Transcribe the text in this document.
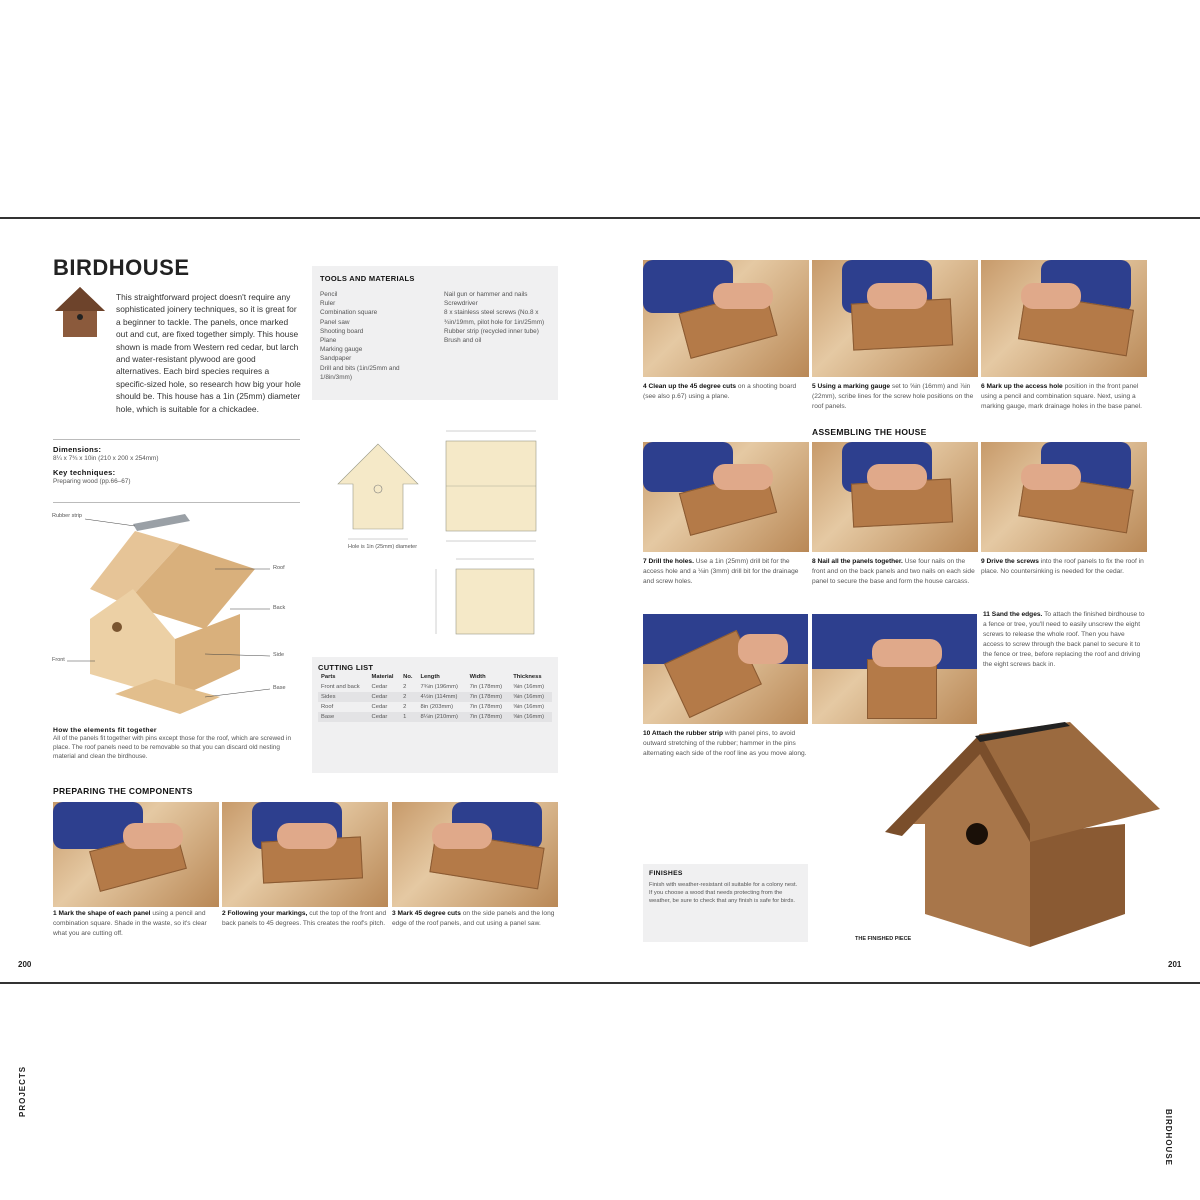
BIRDHOUSE
This straightforward project doesn't require any sophisticated joinery techniques, so it is great for a beginner to tackle. The panels, once marked out and cut, are fixed together simply. This house shown is made from Western red cedar, but larch and water-resistant plywood are good alternatives. Each bird species requires a specific-sized hole, so research how big your hole should be. This house has a 1in (25mm) diameter hole, which is suitable for a chickadee.
Dimensions:
8¼ x 7¾ x 10in (210 x 200 x 254mm)
Key techniques:
Preparing wood (pp.66–67)
Rubber strip
Roof
Back
Front
Side
Base
How the elements fit together
All of the panels fit together with pins except those for the roof, which are screwed in place. The roof panels need to be removable so that you can discard old nesting material and clean the birdhouse.
TOOLS AND MATERIALS
Pencil
Ruler
Combination square
Panel saw
Shooting board
Plane
Marking gauge
Sandpaper
Drill and bits (1in/25mm and 1/8in/3mm)
Nail gun or hammer and nails
Screwdriver
8 x stainless steel screws (No.8 x ¾in/19mm, pilot hole for 1in/25mm)
Rubber strip (recycled inner tube)
Brush and oil
Hole is 1in (25mm) diameter
CUTTING LIST
Parts	Material	No.	Length	Width	Thickness
Front and back	Cedar	2	7¾in (196mm)	7in (178mm)	⅝in (16mm)
Sides	Cedar	2	4½in (114mm)	7in (178mm)	⅝in (16mm)
Roof	Cedar	2	8in (203mm)	7in (178mm)	⅝in (16mm)
Base	Cedar	1	8¼in (210mm)	7in (178mm)	⅝in (16mm)
PREPARING THE COMPONENTS
1 Mark the shape of each panel using a pencil and combination square. Shade in the waste, so it's clear what you are cutting off.
2 Following your markings, cut the top of the front and back panels to 45 degrees. This creates the roof's pitch.
3 Mark 45 degree cuts on the side panels and the long edge of the roof panels, and cut using a panel saw.
PROJECTS
200
4 Clean up the 45 degree cuts on a shooting board (see also p.67) using a plane.
5 Using a marking gauge set to ⅝in (16mm) and ⅞in (22mm), scribe lines for the screw hole positions on the roof panels.
6 Mark up the access hole position in the front panel using a pencil and combination square. Next, using a marking gauge, mark drainage holes in the base panel.
ASSEMBLING THE HOUSE
7 Drill the holes. Use a 1in (25mm) drill bit for the access hole and a ⅛in (3mm) drill bit for the drainage and screw holes.
8 Nail all the panels together. Use four nails on the front and on the back panels and two nails on each side panel to secure the base and form the house carcass.
9 Drive the screws into the roof panels to fix the roof in place. No countersinking is needed for the cedar.
10 Attach the rubber strip with panel pins, to avoid outward stretching of the rubber; hammer in the pins alternating each side of the roof line as you move along.
11 Sand the edges. To attach the finished birdhouse to a fence or tree, you'll need to easily unscrew the eight screws to release the whole roof. Then you have access to screw through the back panel to secure it to the fence or tree, before replacing the roof and driving the eight screws back in.
FINISHES
Finish with weather-resistant oil suitable for a colony nest. If you choose a wood that needs protecting from the weather, be sure to check that any finish is safe for birds.
THE FINISHED PIECE
BIRDHOUSE
201
